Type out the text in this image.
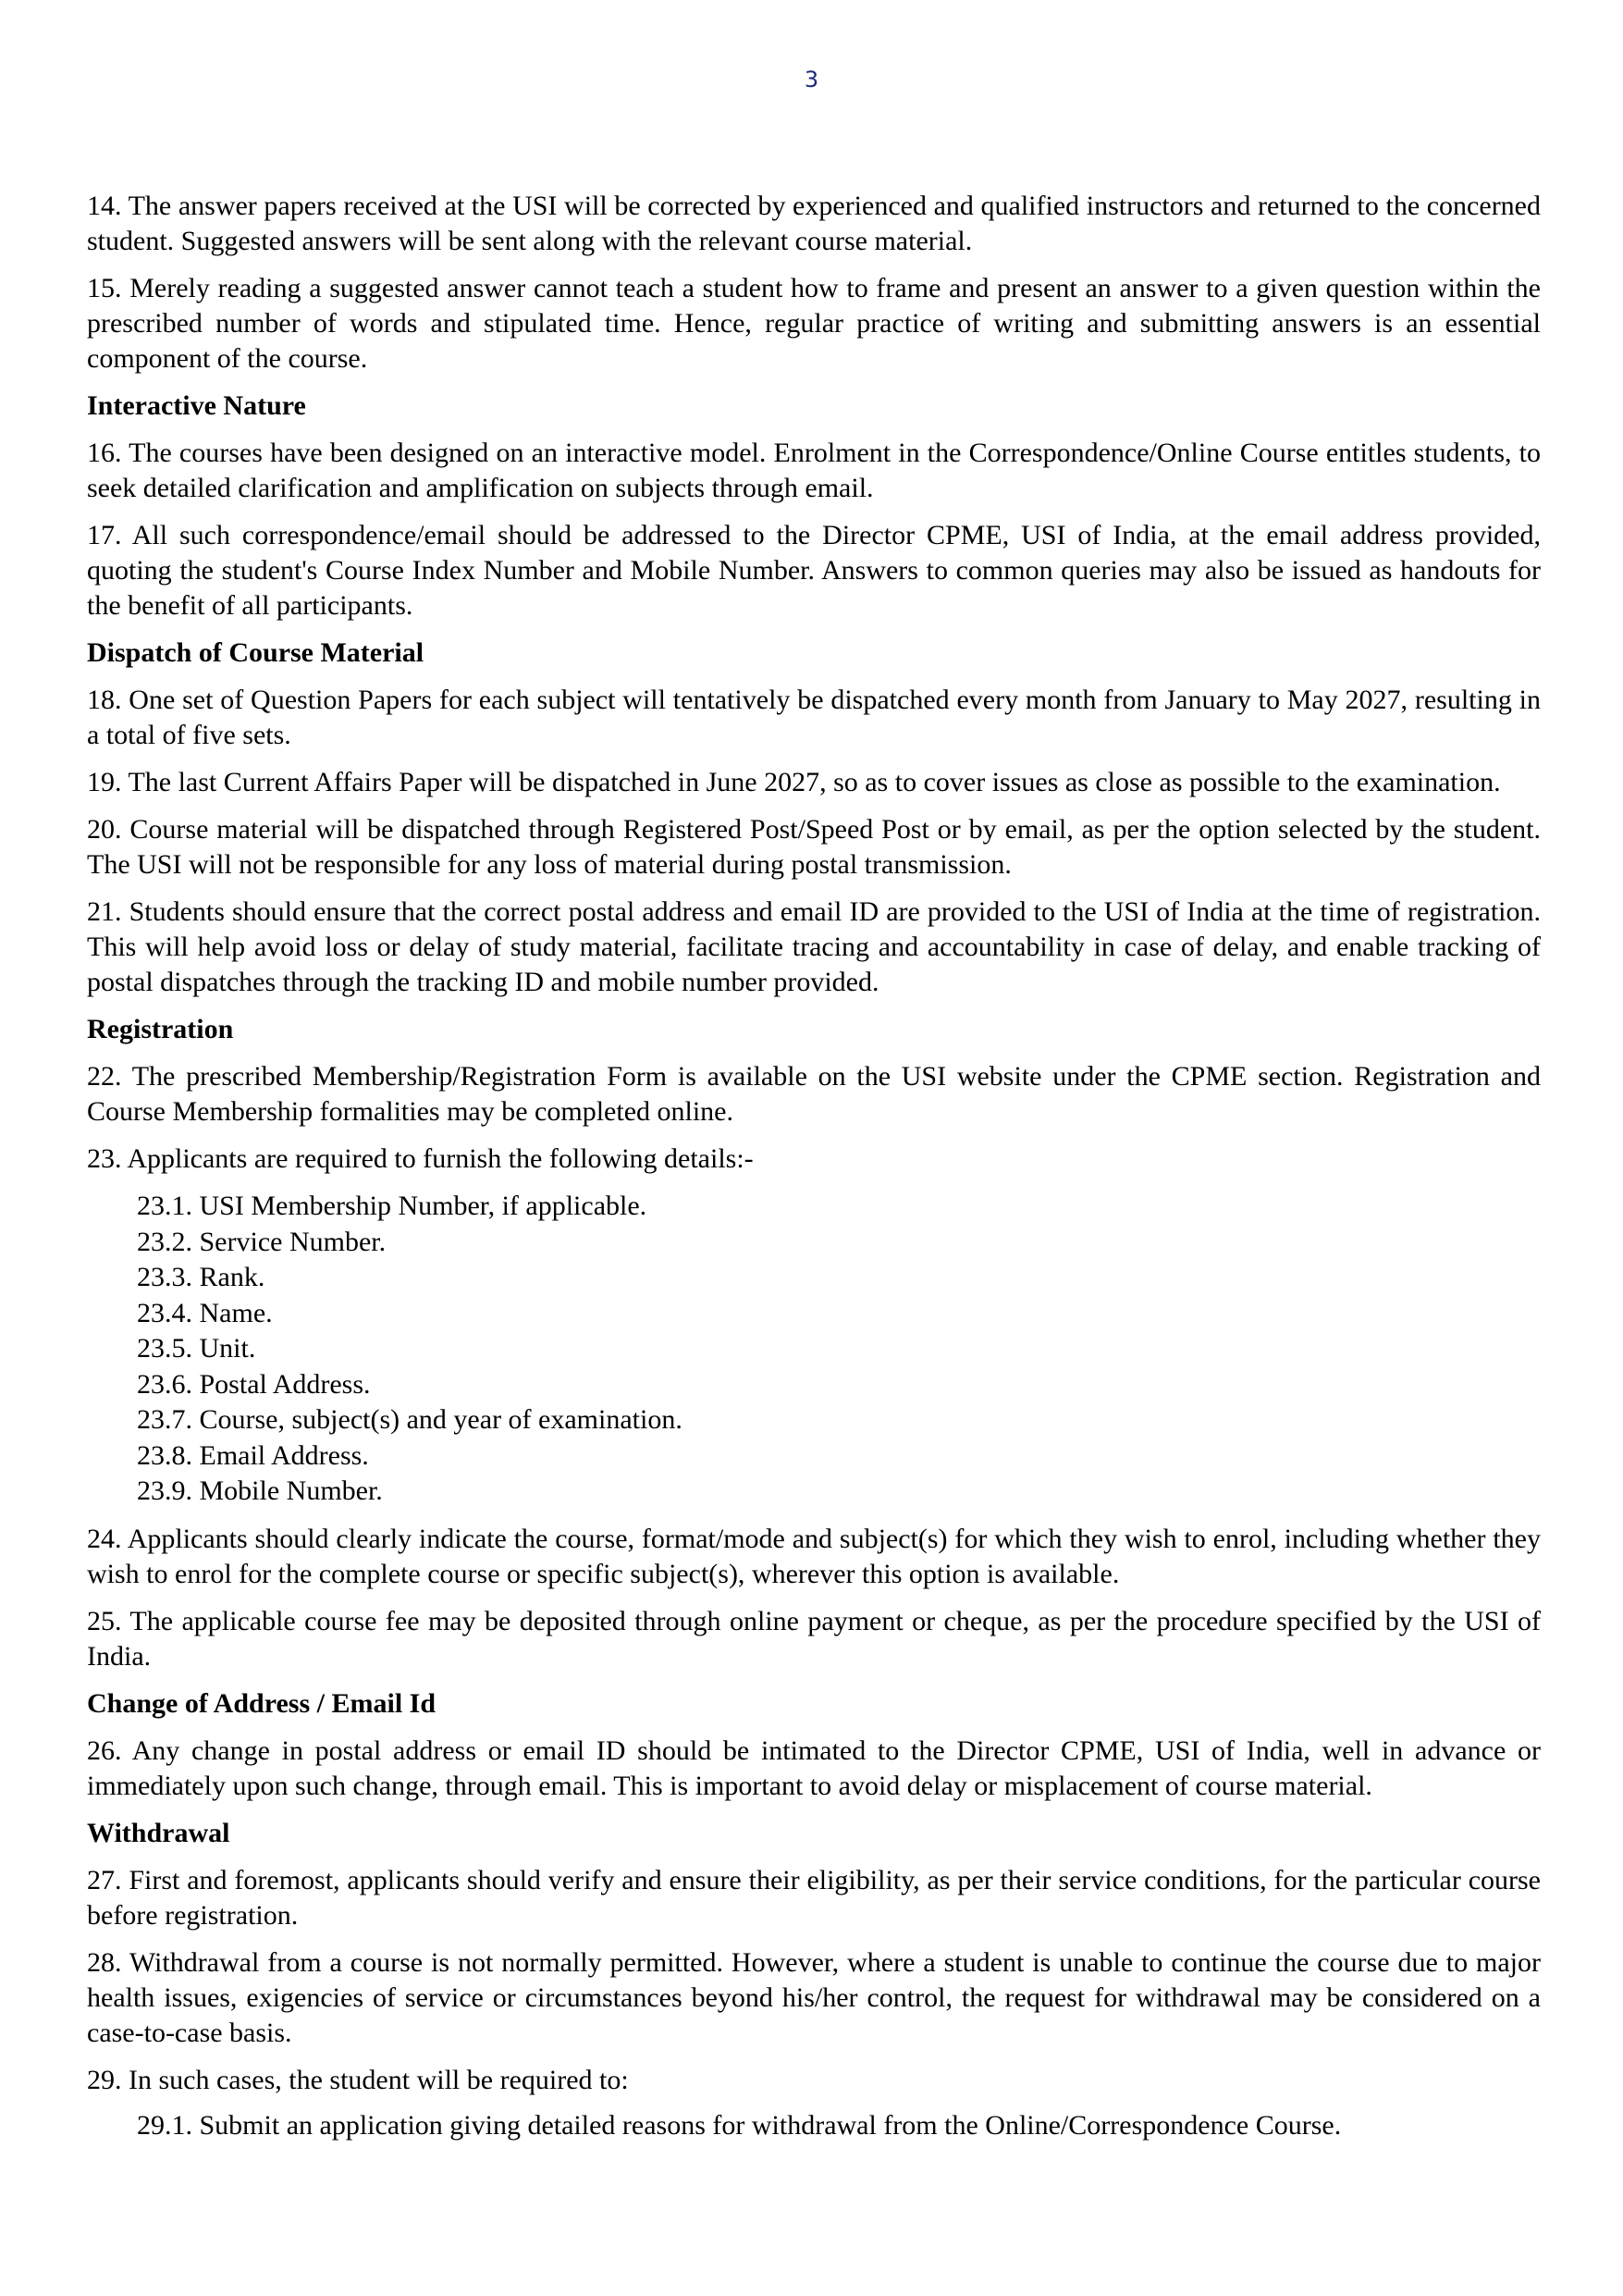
3

14. The answer papers received at the USI will be corrected by experienced and qualified instructors and returned to the concerned student. Suggested answers will be sent along with the relevant course material.

15. Merely reading a suggested answer cannot teach a student how to frame and present an answer to a given question within the prescribed number of words and stipulated time. Hence, regular practice of writing and submitting answers is an essential component of the course.

Interactive Nature

16. The courses have been designed on an interactive model. Enrolment in the Correspondence/Online Course entitles students, to seek detailed clarification and amplification on subjects through email.

17. All such correspondence/email should be addressed to the Director CPME, USI of India, at the email address provided, quoting the student's Course Index Number and Mobile Number. Answers to common queries may also be issued as handouts for the benefit of all participants.

Dispatch of Course Material

18. One set of Question Papers for each subject will tentatively be dispatched every month from January to May 2027, resulting in a total of five sets.

19. The last Current Affairs Paper will be dispatched in June 2027, so as to cover issues as close as possible to the examination.

20. Course material will be dispatched through Registered Post/Speed Post or by email, as per the option selected by the student. The USI will not be responsible for any loss of material during postal transmission.

21. Students should ensure that the correct postal address and email ID are provided to the USI of India at the time of registration. This will help avoid loss or delay of study material, facilitate tracing and accountability in case of delay, and enable tracking of postal dispatches through the tracking ID and mobile number provided.

Registration

22. The prescribed Membership/Registration Form is available on the USI website under the CPME section. Registration and Course Membership formalities may be completed online.

23. Applicants are required to furnish the following details:-

23.1. USI Membership Number, if applicable.

23.2. Service Number.

23.3. Rank.

23.4. Name.

23.5. Unit.

23.6. Postal Address.

23.7. Course, subject(s) and year of examination.

23.8. Email Address.

23.9. Mobile Number.

24. Applicants should clearly indicate the course, format/mode and subject(s) for which they wish to enrol, including whether they wish to enrol for the complete course or specific subject(s), wherever this option is available.

25. The applicable course fee may be deposited through online payment or cheque, as per the procedure specified by the USI of India.

Change of Address / Email Id

26. Any change in postal address or email ID should be intimated to the Director CPME, USI of India, well in advance or immediately upon such change, through email. This is important to avoid delay or misplacement of course material.

Withdrawal

27. First and foremost, applicants should verify and ensure their eligibility, as per their service conditions, for the particular course before registration.

28. Withdrawal from a course is not normally permitted. However, where a student is unable to continue the course due to major health issues, exigencies of service or circumstances beyond his/her control, the request for withdrawal may be considered on a case-to-case basis.

29. In such cases, the student will be required to:

29.1. Submit an application giving detailed reasons for withdrawal from the Online/Correspondence Course.
